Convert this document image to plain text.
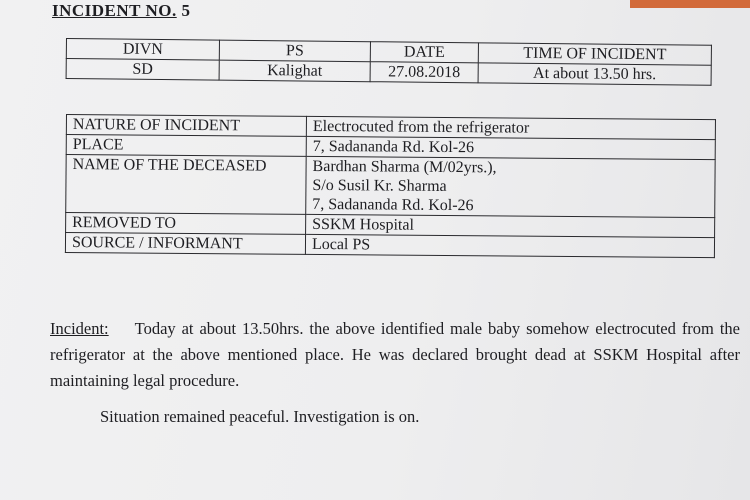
INCIDENT NO. 5
DIVN	PS	DATE	TIME OF INCIDENT
SD	Kalighat	27.08.2018	At about 13.50 hrs.
NATURE OF INCIDENT	Electrocuted from the refrigerator
PLACE	7, Sadananda Rd. Kol-26
NAME OF THE DECEASED	Bardhan Sharma (M/02yrs.),
S/o Susil Kr. Sharma
7, Sadananda Rd. Kol-26

REMOVED TO	SSKM Hospital
SOURCE / INFORMANT	Local PS
Incident: Today at about 13.50hrs. the above identified male baby somehow electrocuted from the refrigerator at the above mentioned place. He was declared brought dead at SSKM Hospital after maintaining legal procedure.
Situation remained peaceful. Investigation is on.
